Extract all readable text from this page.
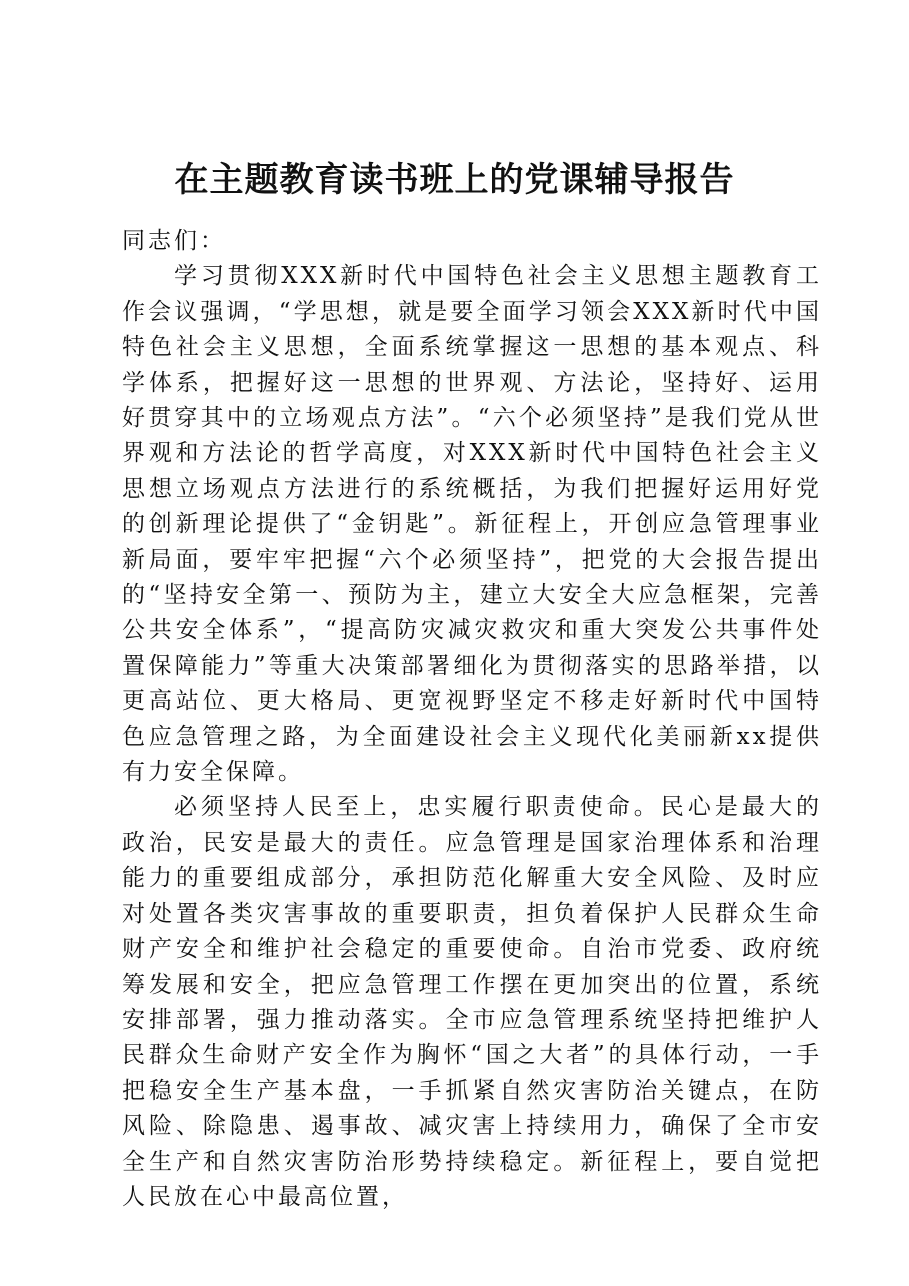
在主题教育读书班上的党课辅导报告

同志们：

学习贯彻XXX新时代中国特色社会主义思想主题教育工作会议强调，“学思想，就是要全面学习领会XXX新时代中国特色社会主义思想，全面系统掌握这一思想的基本观点、科学体系，把握好这一思想的世界观、方法论，坚持好、运用好贯穿其中的立场观点方法”。“六个必须坚持”是我们党从世界观和方法论的哲学高度，对XXX新时代中国特色社会主义思想立场观点方法进行的系统概括，为我们把握好运用好党的创新理论提供了“金钥匙”。新征程上，开创应急管理事业新局面，要牢牢把握“六个必须坚持”，把党的大会报告提出的“坚持安全第一、预防为主，建立大安全大应急框架，完善公共安全体系”，“提高防灾减灾救灾和重大突发公共事件处置保障能力”等重大决策部署细化为贯彻落实的思路举措，以更高站位、更大格局、更宽视野坚定不移走好新时代中国特色应急管理之路，为全面建设社会主义现代化美丽新xx提供有力安全保障。

必须坚持人民至上，忠实履行职责使命。民心是最大的政治，民安是最大的责任。应急管理是国家治理体系和治理能力的重要组成部分，承担防范化解重大安全风险、及时应对处置各类灾害事故的重要职责，担负着保护人民群众生命财产安全和维护社会稳定的重要使命。自治市党委、政府统筹发展和安全，把应急管理工作摆在更加突出的位置，系统安排部署，强力推动落实。全市应急管理系统坚持把维护人民群众生命财产安全作为胸怀“国之大者”的具体行动，一手把稳安全生产基本盘，一手抓紧自然灾害防治关键点，在防风险、除隐患、遏事故、减灾害上持续用力，确保了全市安全生产和自然灾害防治形势持续稳定。新征程上，要自觉把人民放在心中最高位置，
